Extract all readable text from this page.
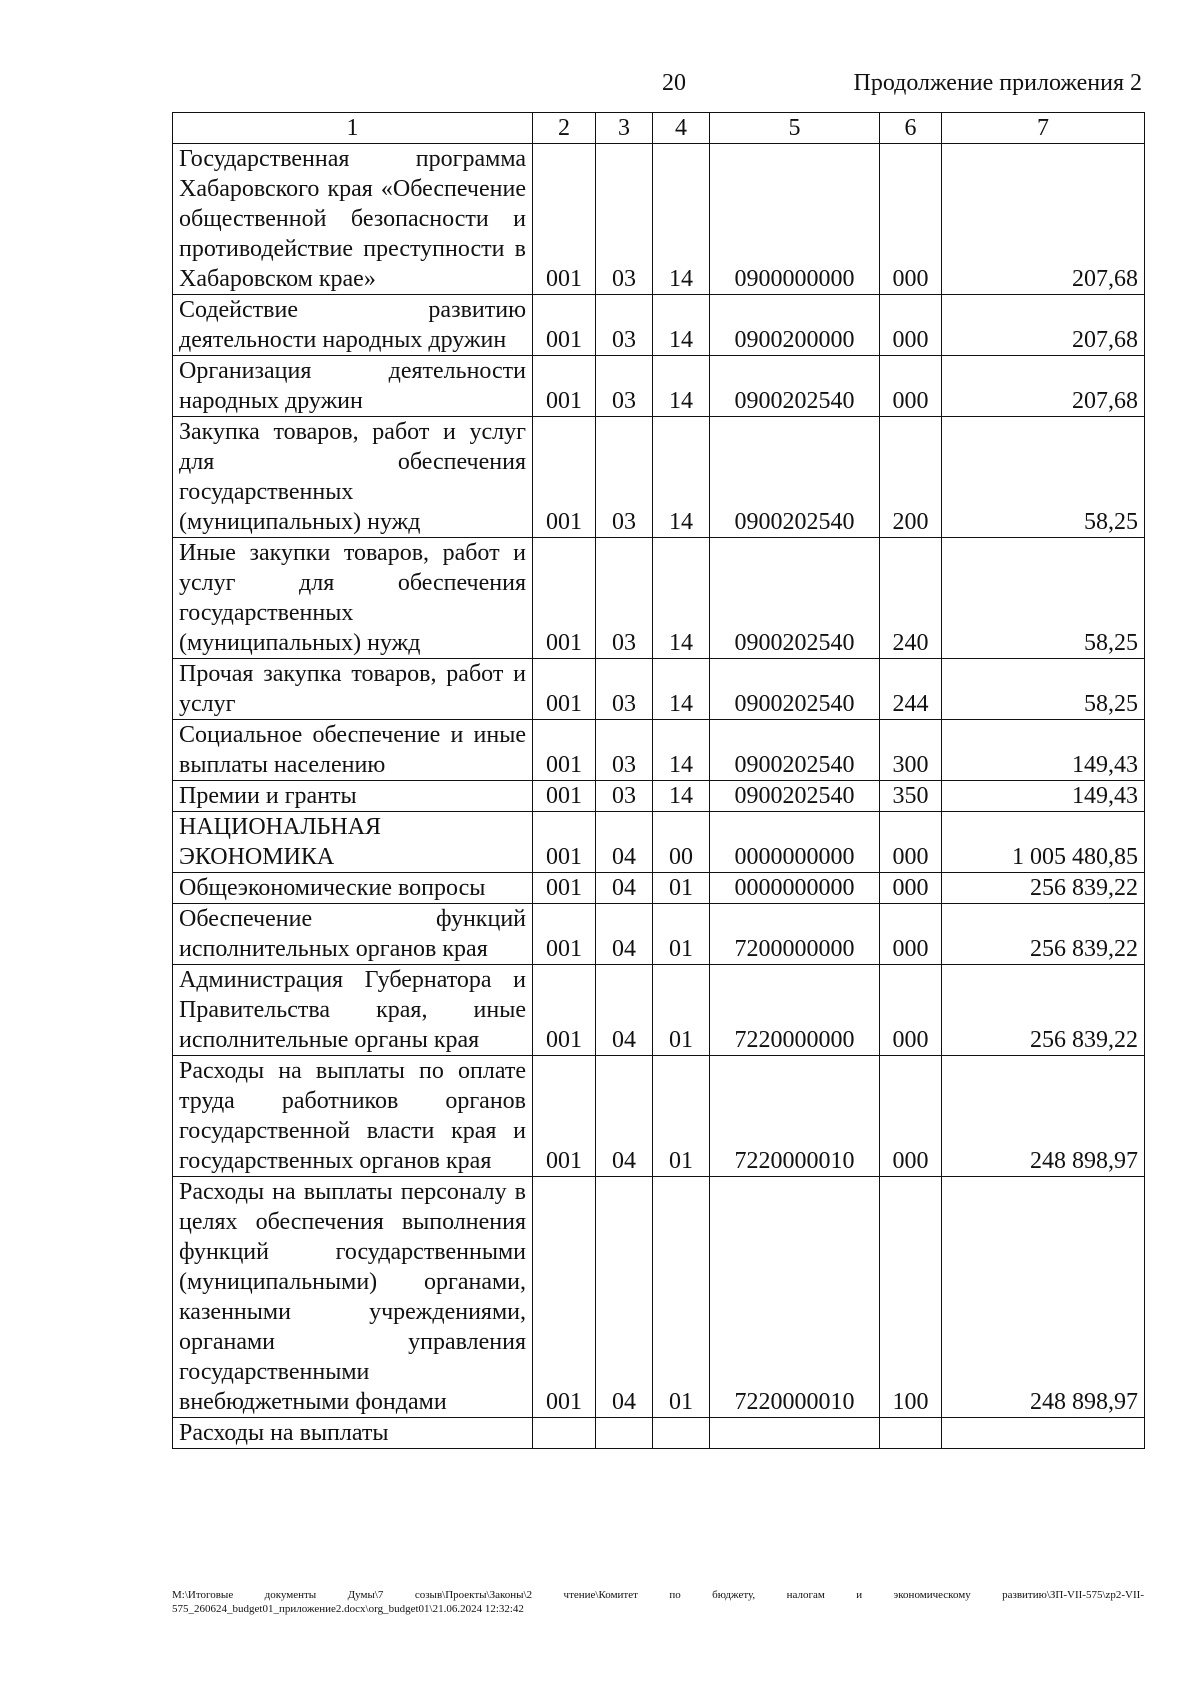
20	Продолжение приложения 2
1	2	3	4	5	6	7
Государственная программа Хабаровского края «Обеспечение общественной безопасности и противодействие преступности в Хабаровском крае»	001	03	14	0900000000	000	207,68
Содействие развитию деятельности народных дружин	001	03	14	0900200000	000	207,68
Организация деятельности народных дружин	001	03	14	0900202540	000	207,68
Закупка товаров, работ и услуг для обеспечения государственных (муниципальных) нужд	001	03	14	0900202540	200	58,25
Иные закупки товаров, работ и услуг для обеспечения государственных (муниципальных) нужд	001	03	14	0900202540	240	58,25
Прочая закупка товаров, работ и услуг	001	03	14	0900202540	244	58,25
Социальное обеспечение и иные выплаты населению	001	03	14	0900202540	300	149,43
Премии и гранты	001	03	14	0900202540	350	149,43
НАЦИОНАЛЬНАЯ ЭКОНОМИКА	001	04	00	0000000000	000	1 005 480,85
Общеэкономические вопросы	001	04	01	0000000000	000	256 839,22
Обеспечение функций исполнительных органов края	001	04	01	7200000000	000	256 839,22
Администрация Губернатора и Правительства края, иные исполнительные органы края	001	04	01	7220000000	000	256 839,22
Расходы на выплаты по оплате труда работников органов государственной власти края и государственных органов края	001	04	01	7220000010	000	248 898,97
Расходы на выплаты персоналу в целях обеспечения выполнения функций государственными (муниципальными) органами, казенными учреждениями, органами управления государственными внебюджетными фондами	001	04	01	7220000010	100	248 898,97
Расходы на выплаты						
М:\Итоговые документы Думы\7 созыв\Проекты\Законы\2 чтение\Комитет по бюджету, налогам и экономическому развитию\ЗП-VII-575\zp2-VII-575_260624_budget01_приложение2.docx\org_budget01\21.06.2024 12:32:42
